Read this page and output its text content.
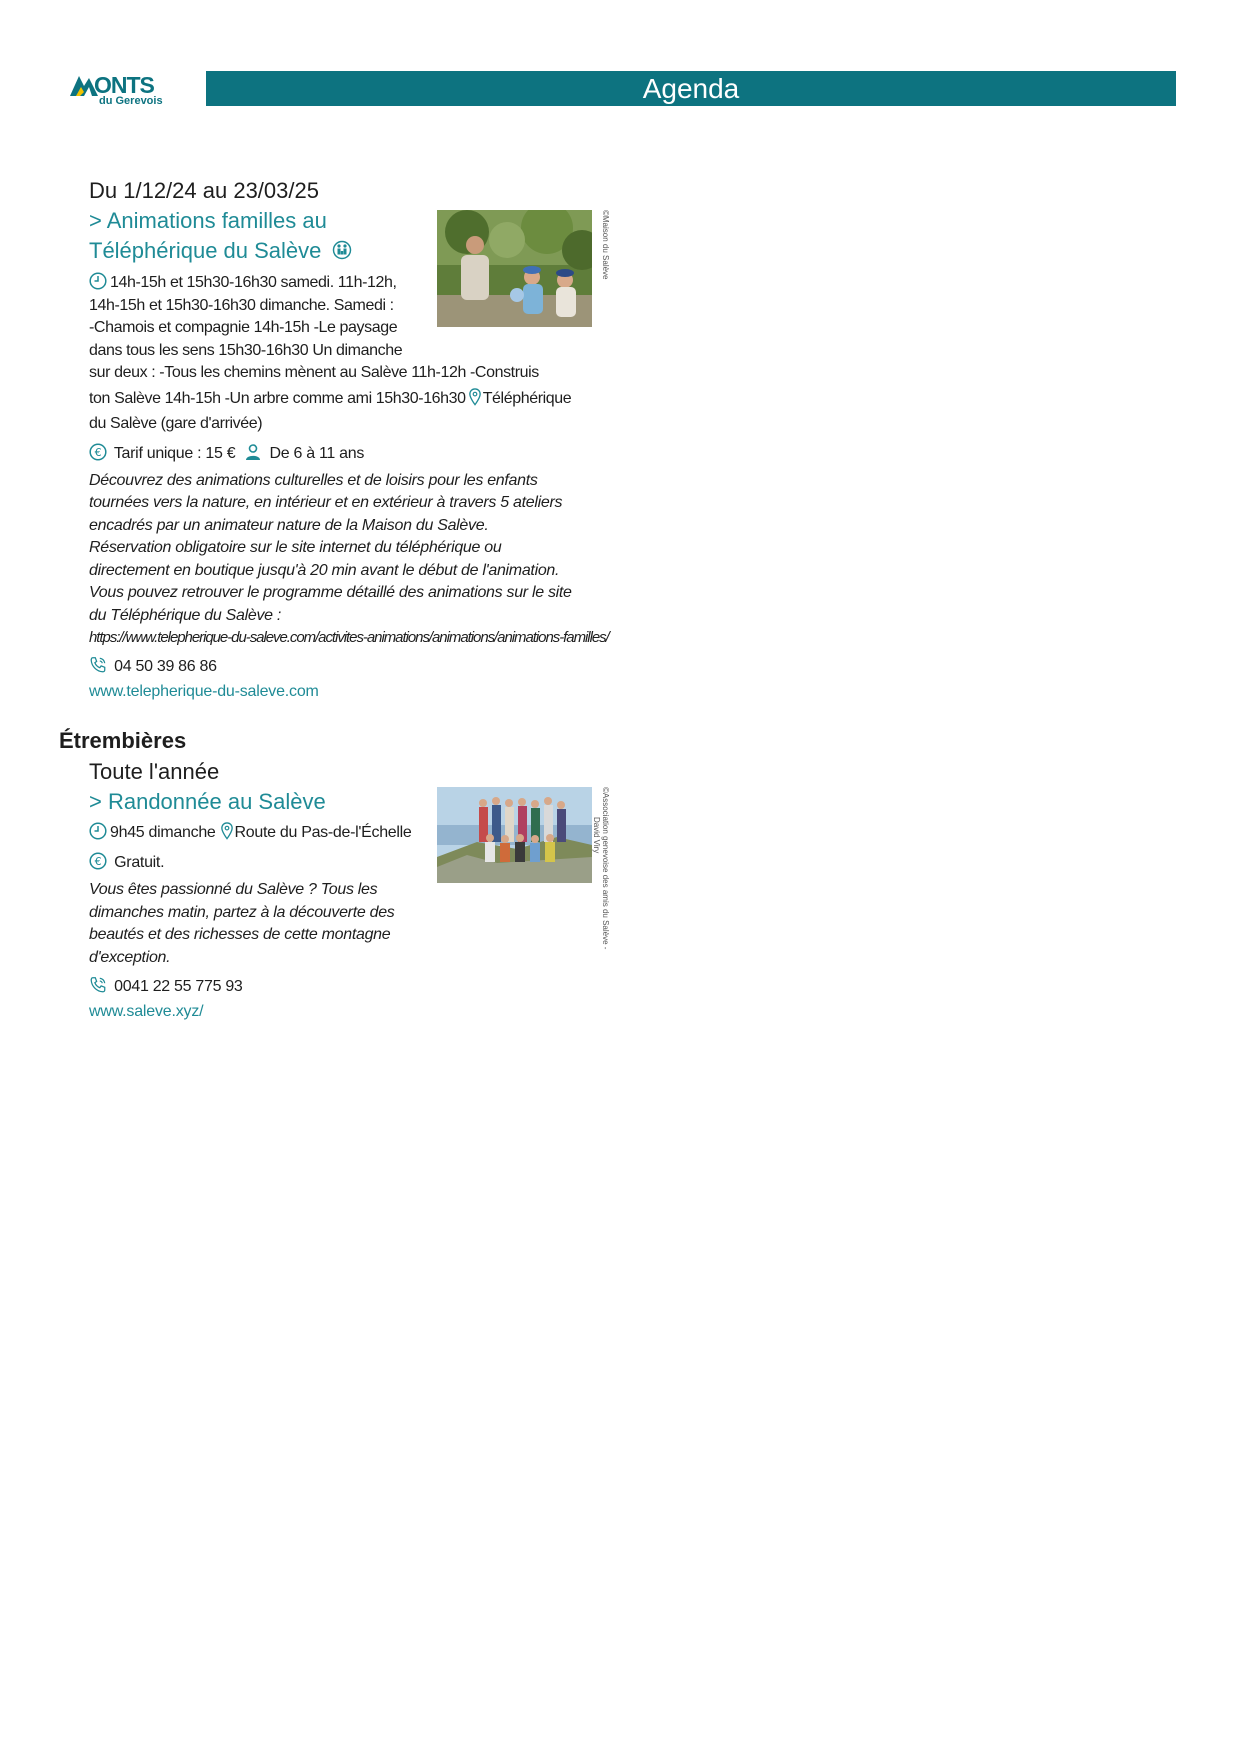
ONTS
du Gerevois	Agenda

Du 1/12/24 au 23/03/25

> Animations familles au
Téléphérique du Salève

14h-15h et 15h30-16h30 samedi. 11h-12h,
14h-15h et 15h30-16h30 dimanche. Samedi :
-Chamois et compagnie 14h-15h -Le paysage
dans tous les sens 15h30-16h30 Un dimanche
sur deux : -Tous les chemins mènent au Salève 11h-12h -Construis
ton Salève 14h-15h -Un arbre comme ami 15h30-16h30 Téléphérique
du Salève (gare d'arrivée)

€ Tarif unique : 15 € De 6 à 11 ans

Découvrez des animations culturelles et de loisirs pour les enfants
tournées vers la nature, en intérieur et en extérieur à travers 5 ateliers
encadrés par un animateur nature de la Maison du Salève.
Réservation obligatoire sur le site internet du téléphérique ou
directement en boutique jusqu'à 20 min avant le début de l'animation.
Vous pouvez retrouver le programme détaillé des animations sur le site
du Téléphérique du Salève :

https://www.telepherique-du-saleve.com/activites-animations/animations/animations-familles/

04 50 39 86 86

www.telepherique-du-saleve.com

©Maison du Salève

Étrembières

Toute l'année

> Randonnée au Salève

9h45 dimanche Route du Pas-de-l'Échelle

€ Gratuit.

Vous êtes passionné du Salève ? Tous les
dimanches matin, partez à la découverte des
beautés et des richesses de cette montagne
d'exception.

0041 22 55 775 93

www.saleve.xyz/

©Association genevoise des amis du Salève -
David Viry
